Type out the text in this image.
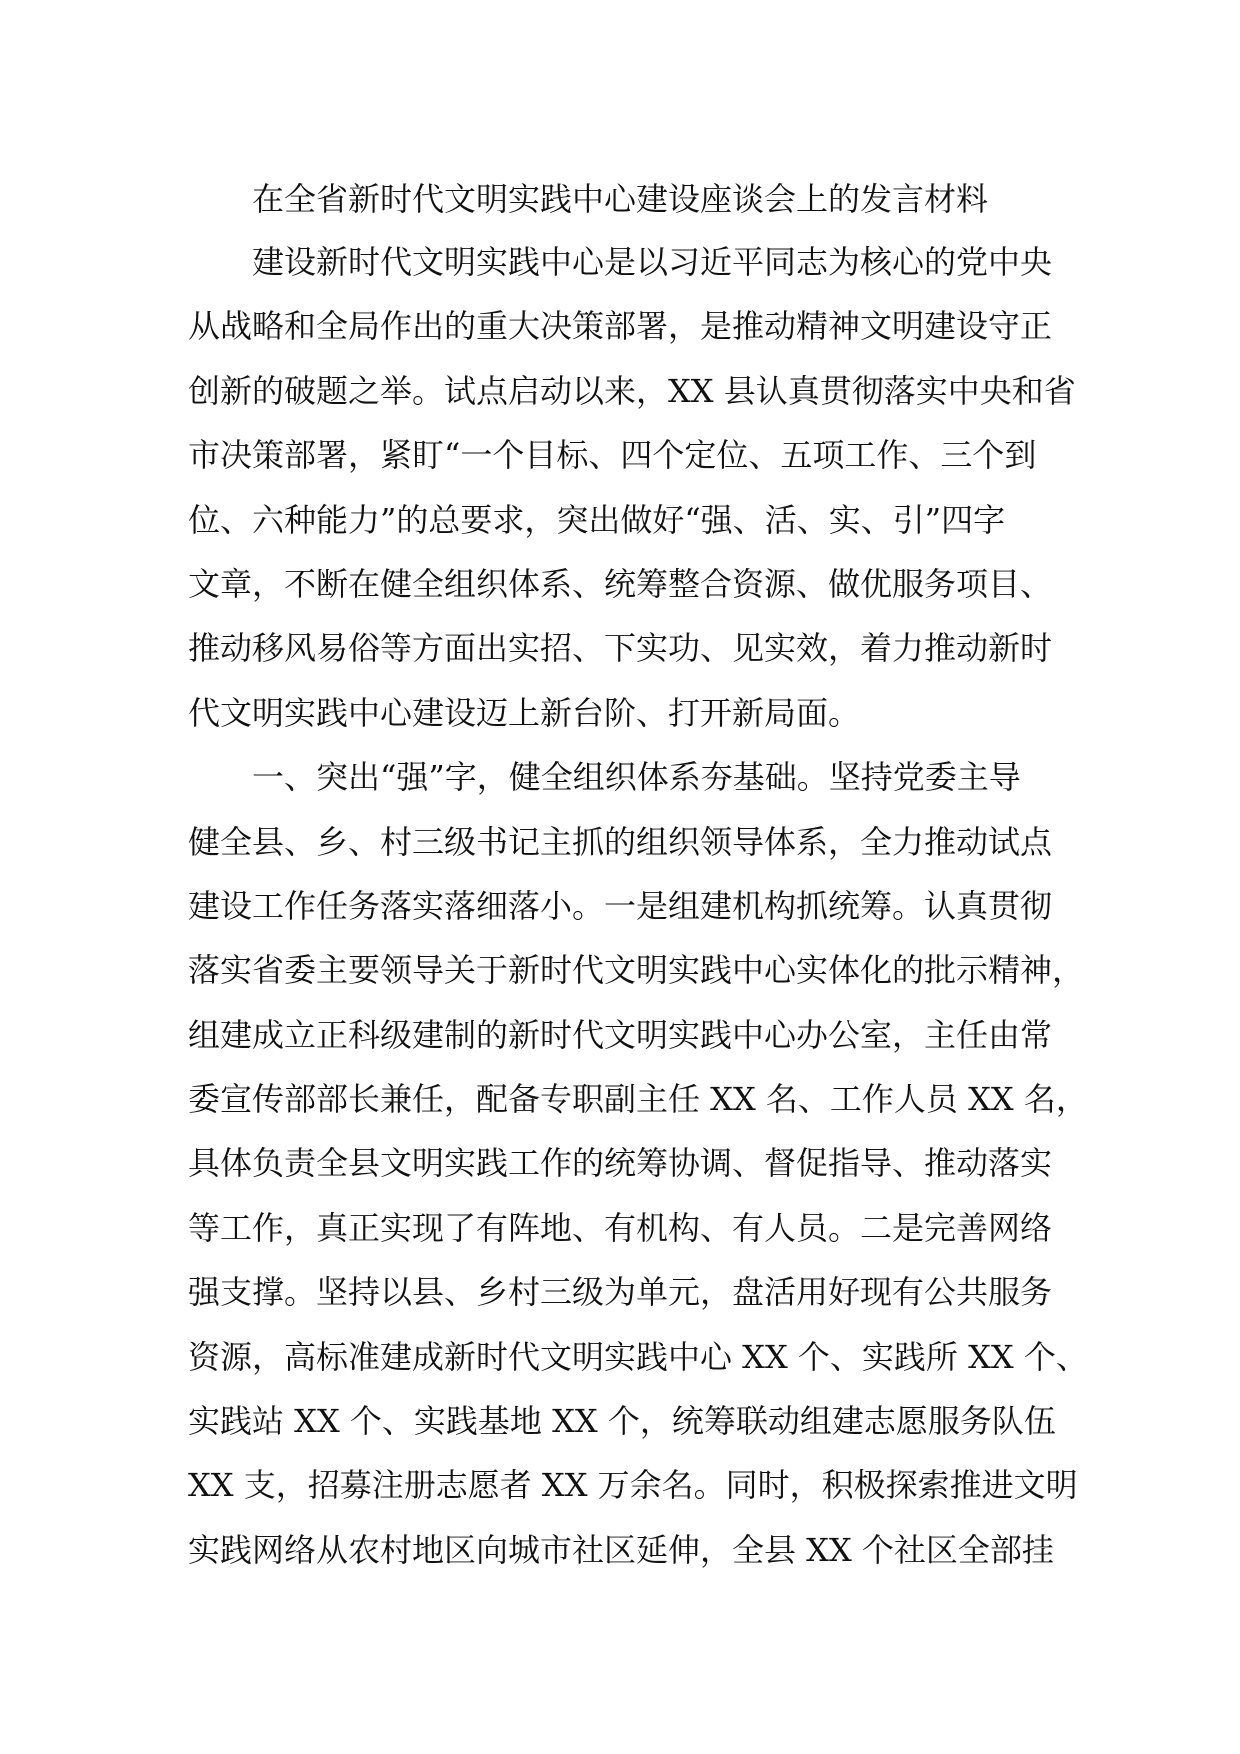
在全省新时代文明实践中心建设座谈会上的发言材料
建设新时代文明实践中心是以习近平同志为核心的党中央
从战略和全局作出的重大决策部署，是推动精神文明建设守正
创新的破题之举。试点启动以来，XX 县认真贯彻落实中央和省
市决策部署，紧盯“一个目标、四个定位、五项工作、三个到
位、六种能力”的总要求，突出做好“强、活、实、引”四字
文章，不断在健全组织体系、统筹整合资源、做优服务项目、
推动移风易俗等方面出实招、下实功、见实效，着力推动新时
代文明实践中心建设迈上新台阶、打开新局面。
一、突出“强”字，健全组织体系夯基础。坚持党委主导
健全县、乡、村三级书记主抓的组织领导体系，全力推动试点
建设工作任务落实落细落小。一是组建机构抓统筹。认真贯彻
落实省委主要领导关于新时代文明实践中心实体化的批示精神，
组建成立正科级建制的新时代文明实践中心办公室，主任由常
委宣传部部长兼任，配备专职副主任 XX 名、工作人员 XX 名，
具体负责全县文明实践工作的统筹协调、督促指导、推动落实
等工作，真正实现了有阵地、有机构、有人员。二是完善网络
强支撑。坚持以县、乡村三级为单元，盘活用好现有公共服务
资源，高标准建成新时代文明实践中心 XX 个、实践所 XX 个、
实践站 XX 个、实践基地 XX 个，统筹联动组建志愿服务队伍
XX 支，招募注册志愿者 XX 万余名。同时，积极探索推进文明
实践网络从农村地区向城市社区延伸，全县 XX 个社区全部挂
